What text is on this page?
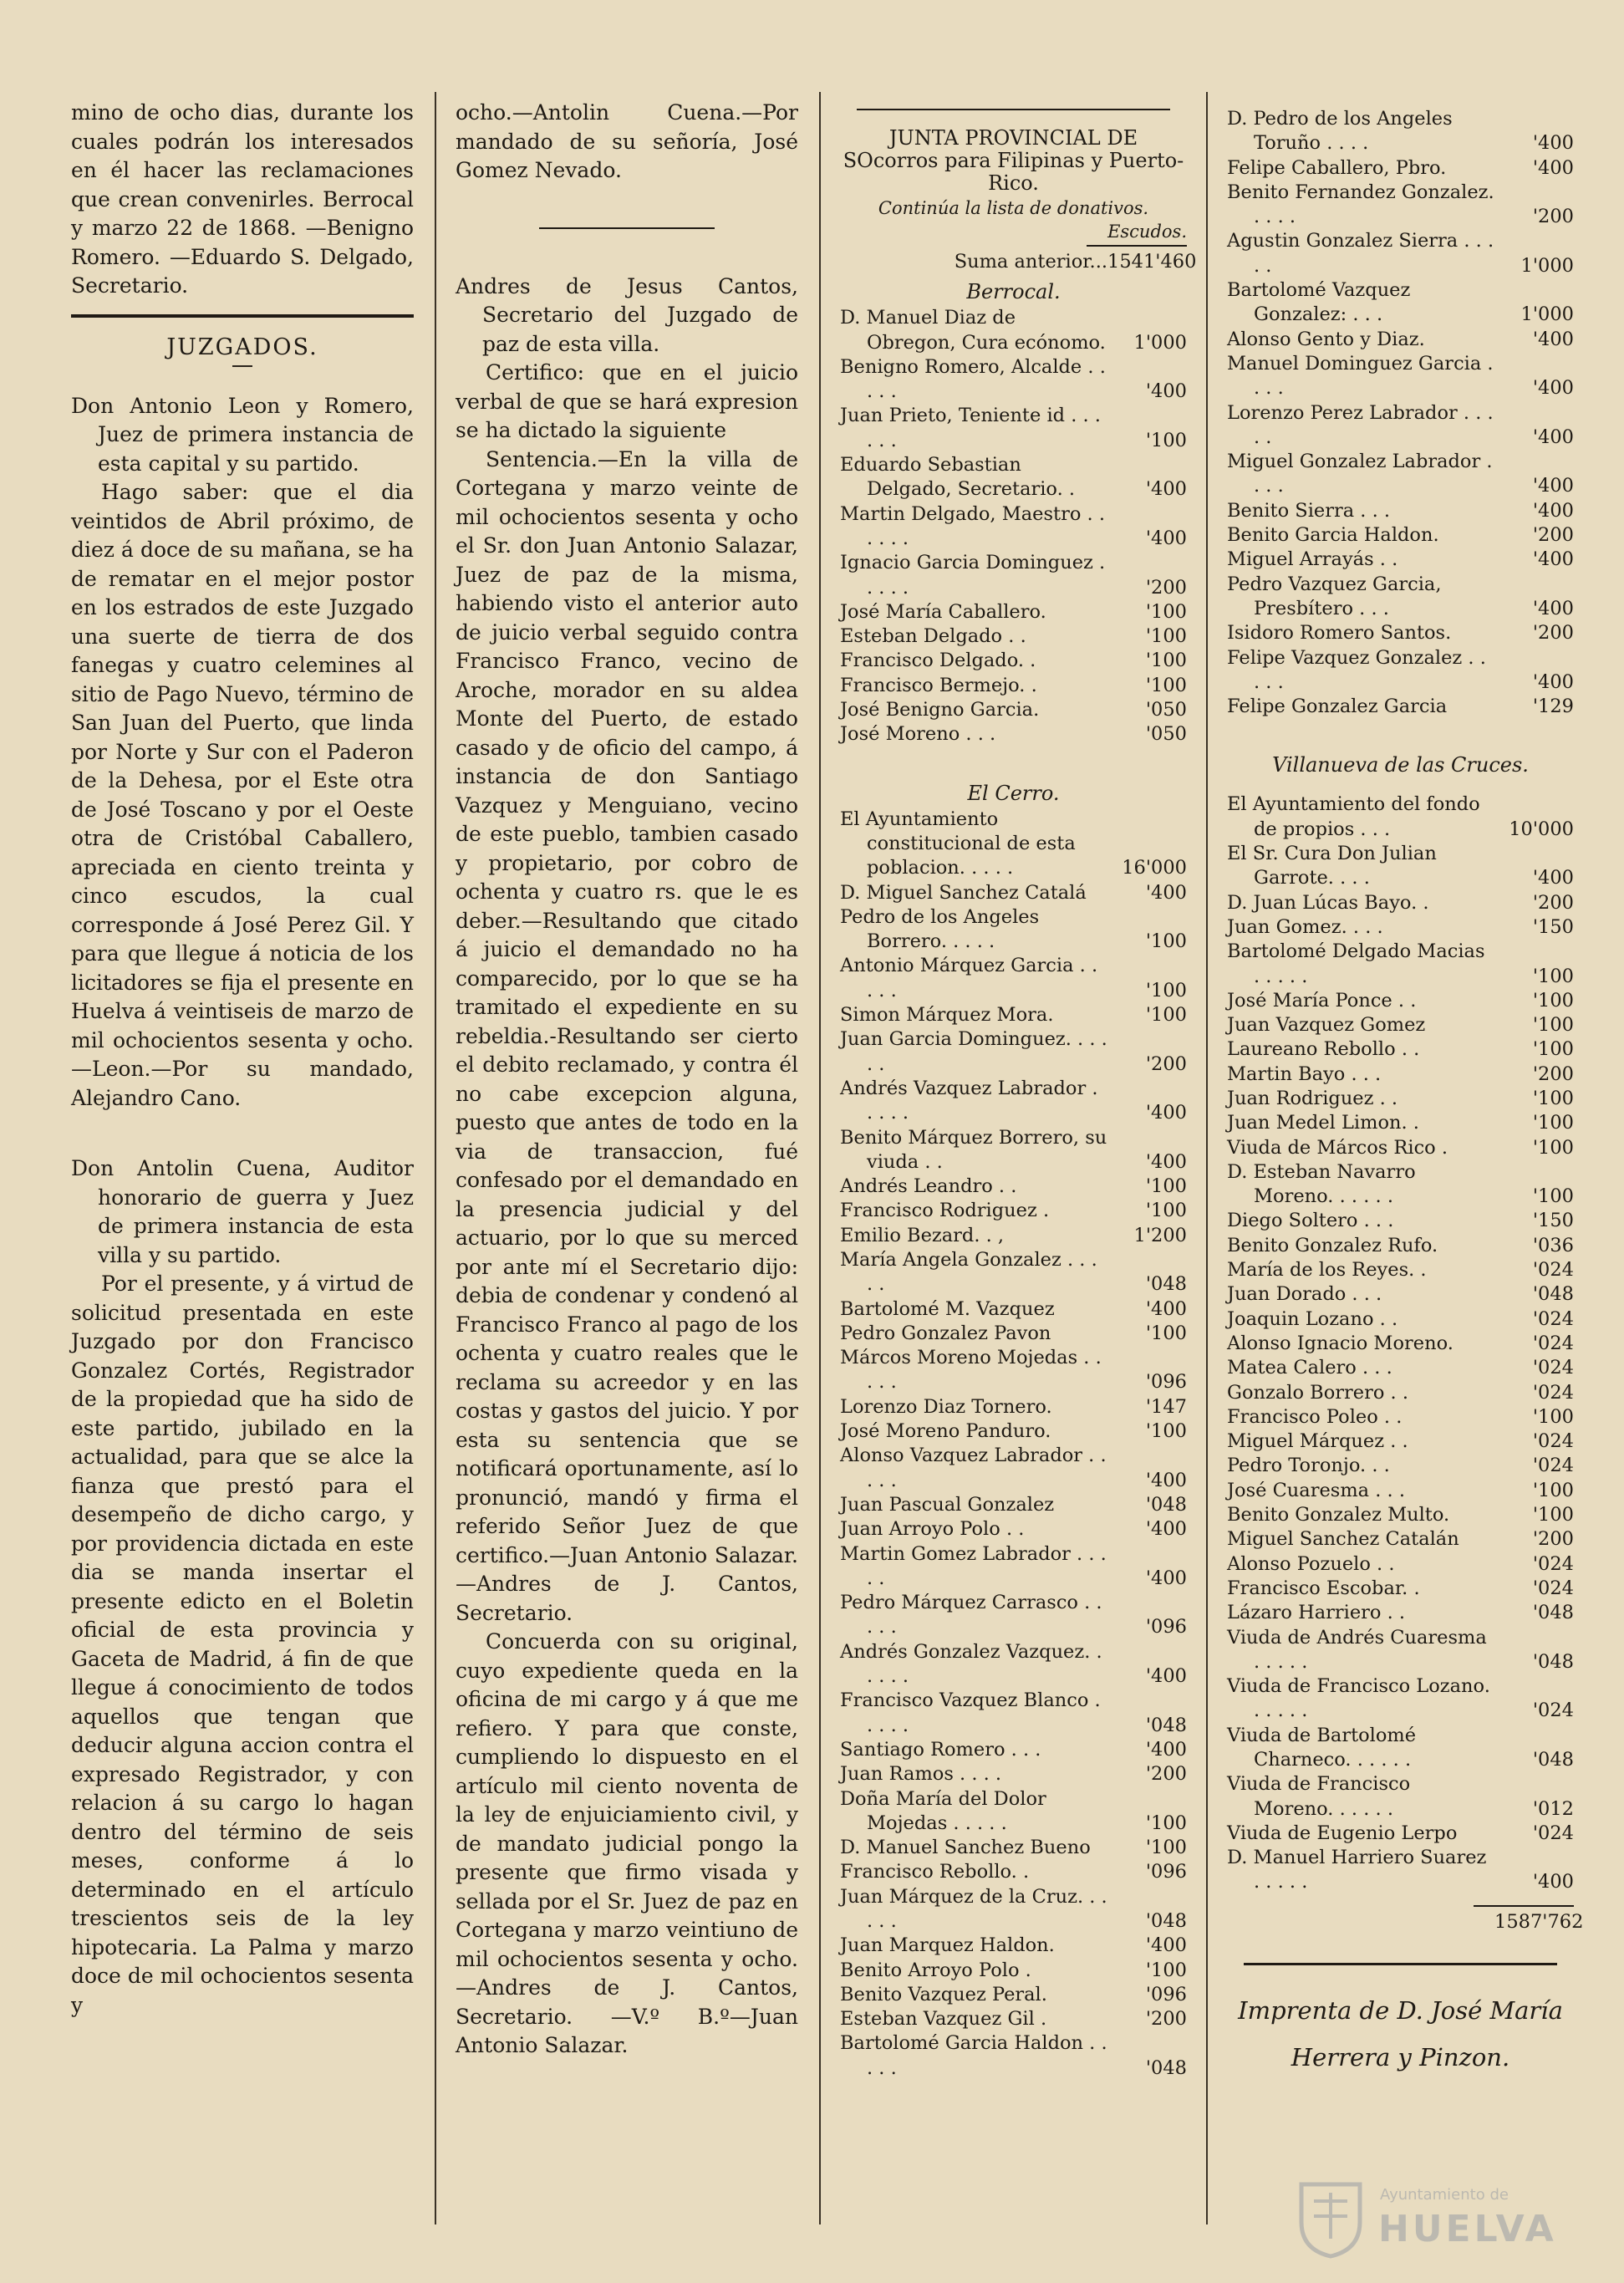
mino de ocho dias, durante los cuales podrán los interesados en él hacer las reclamaciones que crean convenirles. Berrocal y marzo 22 de 1868. —Benigno Romero. —Eduardo S. Delgado, Secretario.

JUZGADOS.

Don Antonio Leon y Romero, Juez de primera instancia de esta capital y su partido.

Hago saber: que el dia veintidos de Abril próximo, de diez á doce de su mañana, se ha de rematar en el mejor postor en los estrados de este Juzgado una suerte de tierra de dos fanegas y cuatro celemines al sitio de Pago Nuevo, término de San Juan del Puerto, que linda por Norte y Sur con el Paderon de la Dehesa, por el Este otra de José Toscano y por el Oeste otra de Cristóbal Caballero, apreciada en ciento treinta y cinco escudos, la cual corresponde á José Perez Gil. Y para que llegue á noticia de los licitadores se fija el presente en Huelva á veintiseis de marzo de mil ochocientos sesenta y ocho.—Leon.—Por su mandado, Alejandro Cano.

Don Antolin Cuena, Auditor honorario de guerra y Juez de primera instancia de esta villa y su partido.

Por el presente, y á virtud de solicitud presentada en este Juzgado por don Francisco Gonzalez Cortés, Registrador de la propiedad que ha sido de este partido, jubilado en la actualidad, para que se alce la fianza que prestó para el desempeño de dicho cargo, y por providencia dictada en este dia se manda insertar el presente edicto en el Boletin oficial de esta provincia y Gaceta de Madrid, á fin de que llegue á conocimiento de todos aquellos que tengan que deducir alguna accion contra el expresado Registrador, y con relacion á su cargo lo hagan dentro del término de seis meses, conforme á lo determinado en el artículo trescientos seis de la ley hipotecaria. La Palma y marzo doce de mil ochocientos sesenta y

ocho.—Antolin Cuena.—Por mandado de su señoría, José Gomez Nevado.

Andres de Jesus Cantos, Secretario del Juzgado de paz de esta villa.

Certifico: que en el juicio verbal de que se hará expresion se ha dictado la siguiente

Sentencia.—En la villa de Cortegana y marzo veinte de mil ochocientos sesenta y ocho el Sr. don Juan Antonio Salazar, Juez de paz de la misma, habiendo visto el anterior auto de juicio verbal seguido contra Francisco Franco, vecino de Aroche, morador en su aldea Monte del Puerto, de estado casado y de oficio del campo, á instancia de don Santiago Vazquez y Menguiano, vecino de este pueblo, tambien casado y propietario, por cobro de ochenta y cuatro rs. que le es deber.—Resultando que citado á juicio el demandado no ha comparecido, por lo que se ha tramitado el expediente en su rebeldia.-Resultando ser cierto el debito reclamado, y contra él no cabe excepcion alguna, puesto que antes de todo en la via de transaccion, fué confesado por el demandado en la presencia judicial y del actuario, por lo que su merced por ante mí el Secretario dijo: debia de condenar y condenó al Francisco Franco al pago de los ochenta y cuatro reales que le reclama su acreedor y en las costas y gastos del juicio. Y por esta su sentencia que se notificará oportunamente, así lo pronunció, mandó y firma el referido Señor Juez de que certifico.—Juan Antonio Salazar.—Andres de J. Cantos, Secretario.

Concuerda con su original, cuyo expediente queda en la oficina de mi cargo y á que me refiero. Y para que conste, cumpliendo lo dispuesto en el artículo mil ciento noventa de la ley de enjuiciamiento civil, y de mandato judicial pongo la presente que firmo visada y sellada por el Sr. Juez de paz en Cortegana y marzo veintiuno de mil ochocientos sesenta y ocho.—Andres de J. Cantos, Secretario. —V.º B.º—Juan Antonio Salazar.

JUNTA PROVINCIAL DE SOcorros para Filipinas y Puerto-Rico.
Continúa la lista de donativos.
Escudos.
Suma anterior... 1541'460
Berrocal.
D. Manuel Diaz de Obregon, Cura ecónomo.	1'000
Benigno Romero, Alcalde . . . . .	'400
Juan Prieto, Teniente id . . . . . .	'100
Eduardo Sebastian Delgado, Secretario. .	'400
Martin Delgado, Maestro . . . . . .	'400
Ignacio Garcia Dominguez . . . . .	'200
José María Caballero.	'100
Esteban Delgado . .	'100
Francisco Delgado. .	'100
Francisco Bermejo. .	'100
José Benigno Garcia.	'050
José Moreno . . .	'050
El Cerro.
El Ayuntamiento constitucional de esta poblacion. . . . .	16'000
D. Miguel Sanchez Catalá	'400
Pedro de los Angeles Borrero. . . . .	'100
Antonio Márquez Garcia . . . . .	'100
Simon Márquez Mora.	'100
Juan Garcia Dominguez. . . . . .	'200
Andrés Vazquez Labrador . . . . .	'400
Benito Márquez Borrero, su viuda . .	'400
Andrés Leandro . .	'100
Francisco Rodriguez .	'100
Emilio Bezard. . ,	1'200
María Angela Gonzalez . . . . .	'048
Bartolomé M. Vazquez	'400
Pedro Gonzalez Pavon	'100
Márcos Moreno Mojedas . . . . .	'096
Lorenzo Diaz Tornero.	'147
José Moreno Panduro.	'100
Alonso Vazquez Labrador . . . . .	'400
Juan Pascual Gonzalez	'048
Juan Arroyo Polo . .	'400
Martin Gomez Labrador . . . . .	'400
Pedro Márquez Carrasco . . . . .	'096
Andrés Gonzalez Vazquez. . . . . .	'400
Francisco Vazquez Blanco . . . . .	'048
Santiago Romero . . .	'400
Juan Ramos . . . .	'200
Doña María del Dolor Mojedas . . . . .	'100
D. Manuel Sanchez Bueno	'100
Francisco Rebollo. .	'096
Juan Márquez de la Cruz. . . . . .	'048
Juan Marquez Haldon.	'400
Benito Arroyo Polo .	'100
Benito Vazquez Peral.	'096
Esteban Vazquez Gil .	'200
Bartolomé Garcia Haldon . . . . .	'048
D. Pedro de los Angeles Toruño . . . .	'400
Felipe Caballero, Pbro.	'400
Benito Fernandez Gonzalez. . . . .	'200
Agustin Gonzalez Sierra . . . . .	1'000
Bartolomé Vazquez Gonzalez: . . .	1'000
Alonso Gento y Diaz.	'400
Manuel Dominguez Garcia . . . .	'400
Lorenzo Perez Labrador . . . . .	'400
Miguel Gonzalez Labrador . . . .	'400
Benito Sierra . . .	'400
Benito Garcia Haldon.	'200
Miguel Arrayás . .	'400
Pedro Vazquez Garcia, Presbítero . . .	'400
Isidoro Romero Santos.	'200
Felipe Vazquez Gonzalez . . . . .	'400
Felipe Gonzalez Garcia	'129
Villanueva de las Cruces.
El Ayuntamiento del fondo de propios . . .	10'000
El Sr. Cura Don Julian Garrote. . . .	'400
D. Juan Lúcas Bayo. .	'200
Juan Gomez. . . .	'150
Bartolomé Delgado Macias . . . . .	'100
José María Ponce . .	'100
Juan Vazquez Gomez	'100
Laureano Rebollo . .	'100
Martin Bayo . . .	'200
Juan Rodriguez . .	'100
Juan Medel Limon. .	'100
Viuda de Márcos Rico .	'100
D. Esteban Navarro Moreno. . . . . .	'100
Diego Soltero . . .	'150
Benito Gonzalez Rufo.	'036
María de los Reyes. .	'024
Juan Dorado . . .	'048
Joaquin Lozano . .	'024
Alonso Ignacio Moreno.	'024
Matea Calero . . .	'024
Gonzalo Borrero . .	'024
Francisco Poleo . .	'100
Miguel Márquez . .	'024
Pedro Toronjo. . .	'024
José Cuaresma . . .	'100
Benito Gonzalez Multo.	'100
Miguel Sanchez Catalán	'200
Alonso Pozuelo . .	'024
Francisco Escobar. .	'024
Lázaro Harriero . .	'048
Viuda de Andrés Cuaresma . . . . .	'048
Viuda de Francisco Lozano. . . . . .	'024
Viuda de Bartolomé Charneco. . . . . .	'048
Viuda de Francisco Moreno. . . . . .	'012
Viuda de Eugenio Lerpo	'024
D. Manuel Harriero Suarez . . . . .	'400
1587'762
Imprenta de D. José María
Herrera y Pinzon.
Ayuntamiento de
HUELVA
